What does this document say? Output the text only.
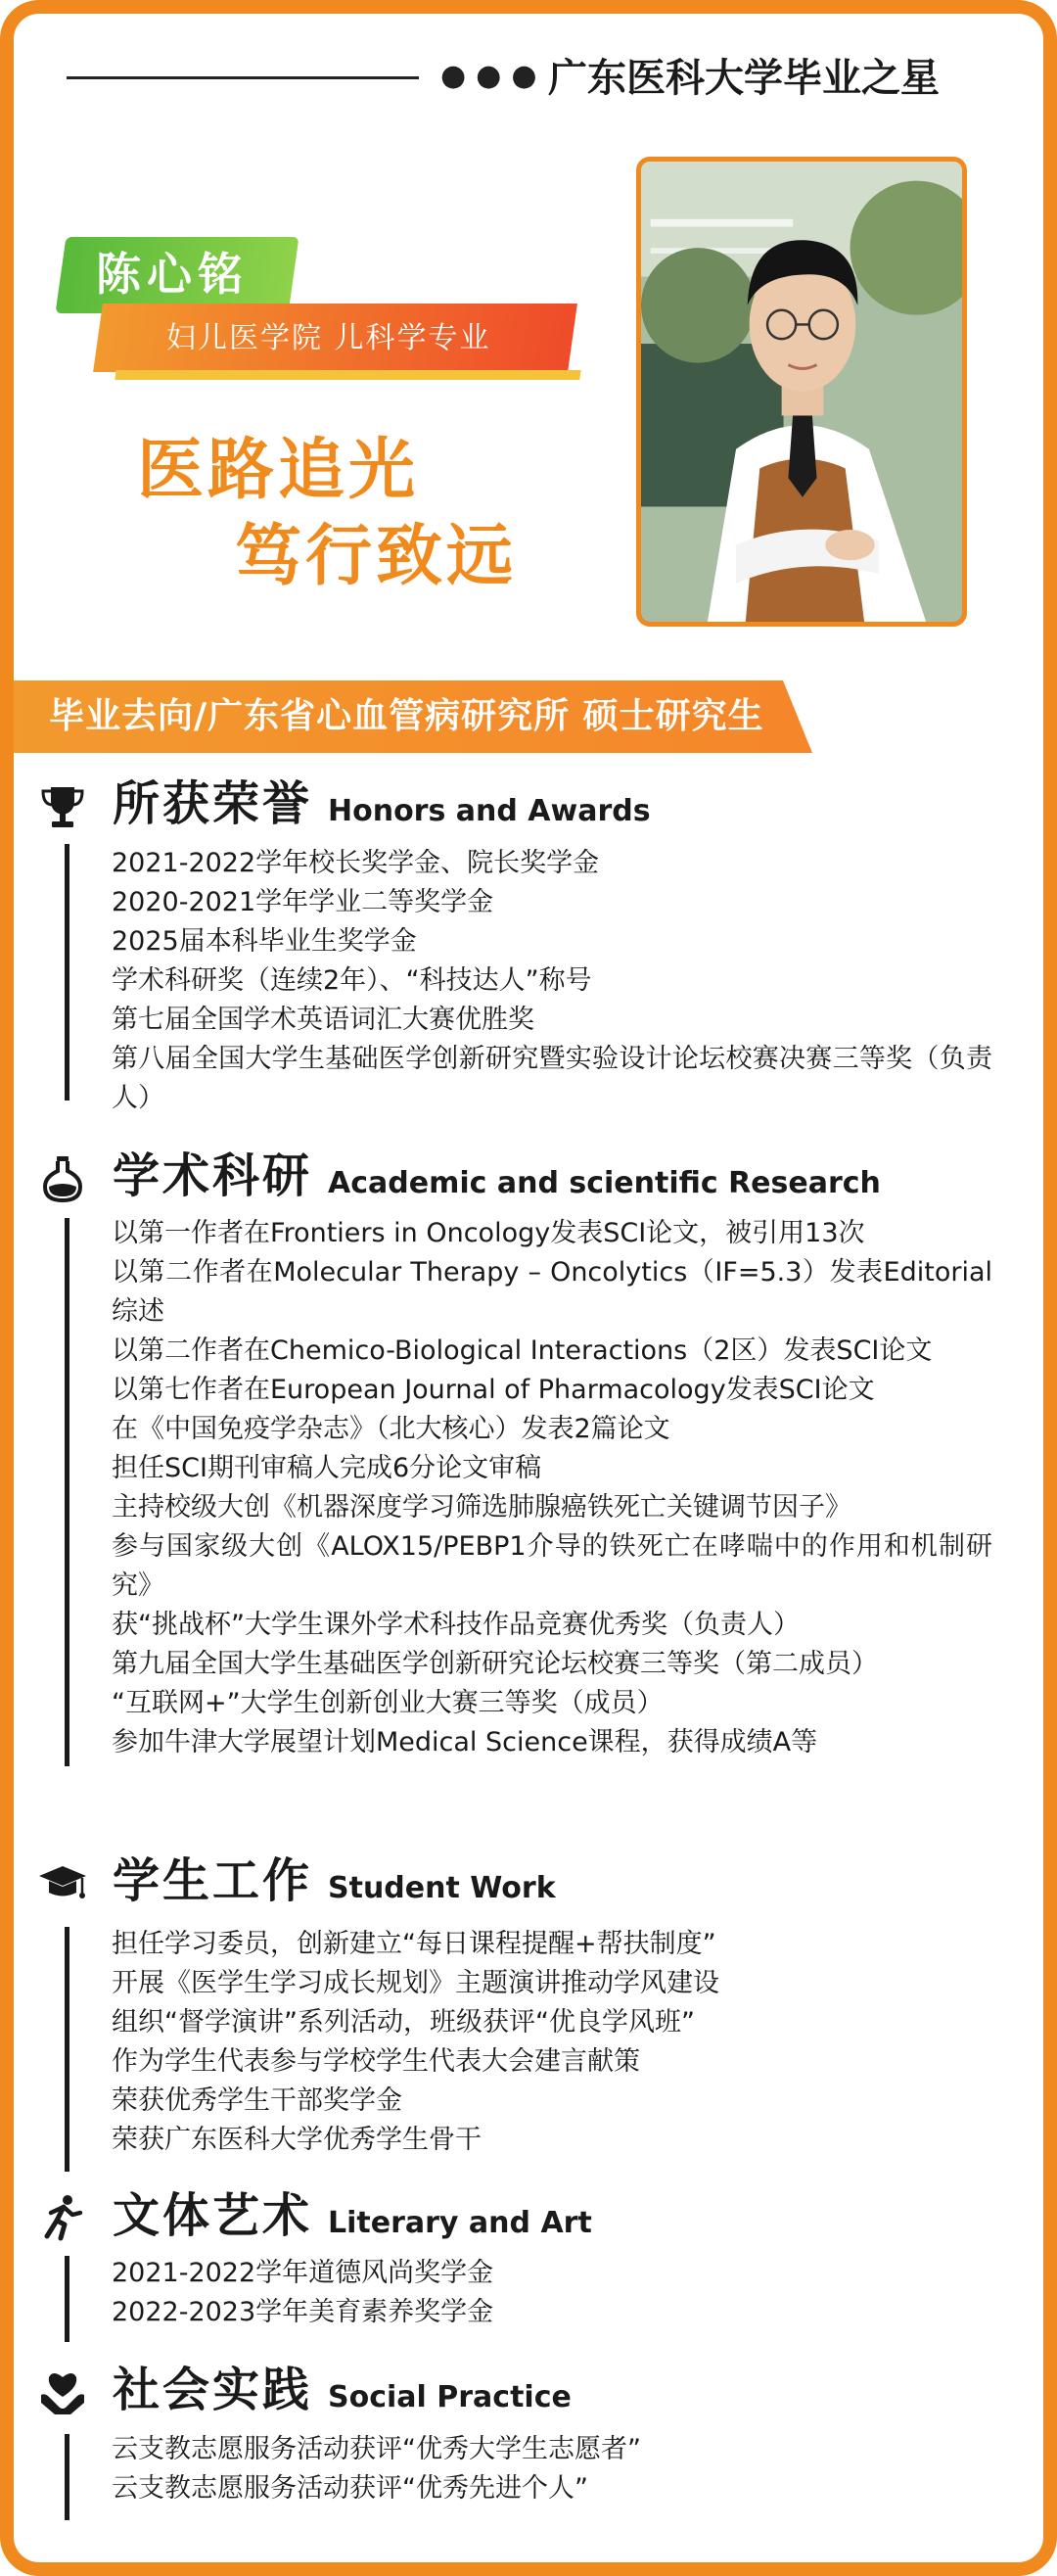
●●● 广东医科大学毕业之星
陈心铭
妇儿医学院 儿科学专业
医路追光
笃行致远
毕业去向/广东省心血管病研究所 硕士研究生
所获荣誉 Honors and Awards
2021-2022学年校长奖学金、院长奖学金
2020-2021学年学业二等奖学金
2025届本科毕业生奖学金
学术科研奖（连续2年）、“科技达人”称号
第七届全国学术英语词汇大赛优胜奖
第八届全国大学生基础医学创新研究暨实验设计论坛校赛决赛三等奖（负责人）
学术科研 Academic and scientific Research
以第一作者在Frontiers in Oncology发表SCI论文，被引用13次
以第二作者在Molecular Therapy – Oncolytics（IF=5.3）发表Editorial综述
以第二作者在Chemico-Biological Interactions（2区）发表SCI论文
以第七作者在European Journal of Pharmacology发表SCI论文
在《中国免疫学杂志》（北大核心）发表2篇论文
担任SCI期刊审稿人完成6分论文审稿
主持校级大创《机器深度学习筛选肺腺癌铁死亡关键调节因子》
参与国家级大创《ALOX15/PEBP1介导的铁死亡在哮喘中的作用和机制研究》
获“挑战杯”大学生课外学术科技作品竞赛优秀奖（负责人）
第九届全国大学生基础医学创新研究论坛校赛三等奖（第二成员）
“互联网+”大学生创新创业大赛三等奖（成员）
参加牛津大学展望计划Medical Science课程，获得成绩A等
学生工作 Student Work
担任学习委员，创新建立“每日课程提醒+帮扶制度”
开展《医学生学习成长规划》主题演讲推动学风建设
组织“督学演讲”系列活动，班级获评“优良学风班”
作为学生代表参与学校学生代表大会建言献策
荣获优秀学生干部奖学金
荣获广东医科大学优秀学生骨干
文体艺术 Literary and Art
2021-2022学年道德风尚奖学金
2022-2023学年美育素养奖学金
社会实践 Social Practice
云支教志愿服务活动获评“优秀大学生志愿者”
云支教志愿服务活动获评“优秀先进个人”
